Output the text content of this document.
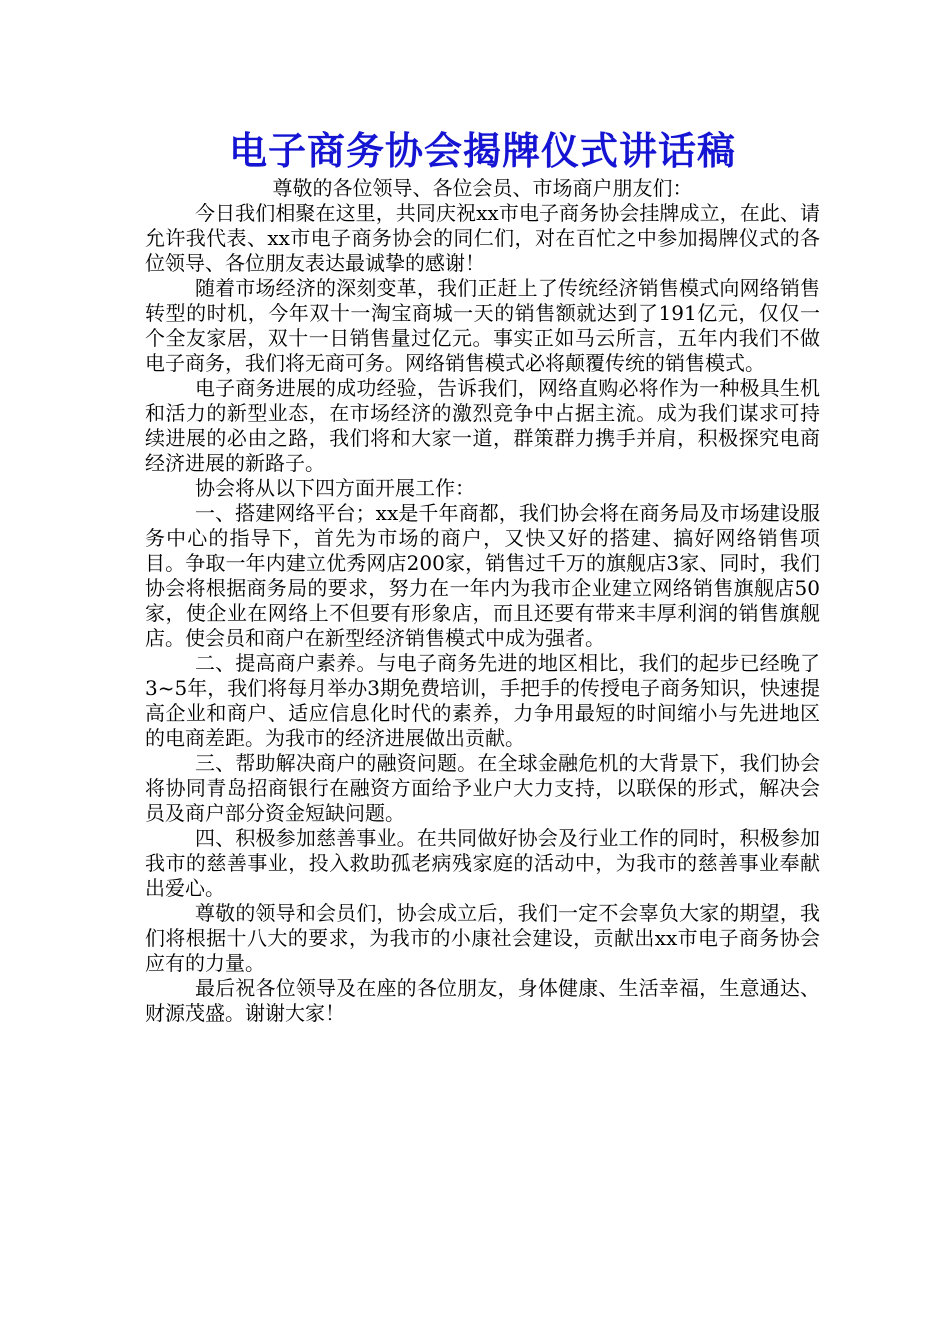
电子商务协会揭牌仪式讲话稿

尊敬的各位领导、各位会员、市场商户朋友们：

今日我们相聚在这里，共同庆祝xx市电子商务协会挂牌成立，在此、请允许我代表、xx市电子商务协会的同仁们，对在百忙之中参加揭牌仪式的各位领导、各位朋友表达最诚挚的感谢！

随着市场经济的深刻变革，我们正赶上了传统经济销售模式向网络销售转型的时机，今年双十一淘宝商城一天的销售额就达到了191亿元，仅仅一个全友家居，双十一日销售量过亿元。事实正如马云所言，五年内我们不做电子商务，我们将无商可务。网络销售模式必将颠覆传统的销售模式。

电子商务进展的成功经验，告诉我们，网络直购必将作为一种极具生机和活力的新型业态，在市场经济的激烈竞争中占据主流。成为我们谋求可持续进展的必由之路，我们将和大家一道，群策群力携手并肩，积极探究电商经济进展的新路子。

协会将从以下四方面开展工作：

一、搭建网络平台；xx是千年商都，我们协会将在商务局及市场建设服务中心的指导下，首先为市场的商户，又快又好的搭建、搞好网络销售项目。争取一年内建立优秀网店200家，销售过千万的旗舰店3家、同时，我们协会将根据商务局的要求，努力在一年内为我市企业建立网络销售旗舰店50家，使企业在网络上不但要有形象店，而且还要有带来丰厚利润的销售旗舰店。使会员和商户在新型经济销售模式中成为强者。

二、提高商户素养。与电子商务先进的地区相比，我们的起步已经晚了3~5年，我们将每月举办3期免费培训，手把手的传授电子商务知识，快速提高企业和商户、适应信息化时代的素养，力争用最短的时间缩小与先进地区的电商差距。为我市的经济进展做出贡献。

三、帮助解决商户的融资问题。在全球金融危机的大背景下，我们协会将协同青岛招商银行在融资方面给予业户大力支持，以联保的形式，解决会员及商户部分资金短缺问题。

四、积极参加慈善事业。在共同做好协会及行业工作的同时，积极参加我市的慈善事业，投入救助孤老病残家庭的活动中，为我市的慈善事业奉献出爱心。

尊敬的领导和会员们，协会成立后，我们一定不会辜负大家的期望，我们将根据十八大的要求，为我市的小康社会建设，贡献出xx市电子商务协会应有的力量。

最后祝各位领导及在座的各位朋友，身体健康、生活幸福，生意通达、财源茂盛。谢谢大家！
